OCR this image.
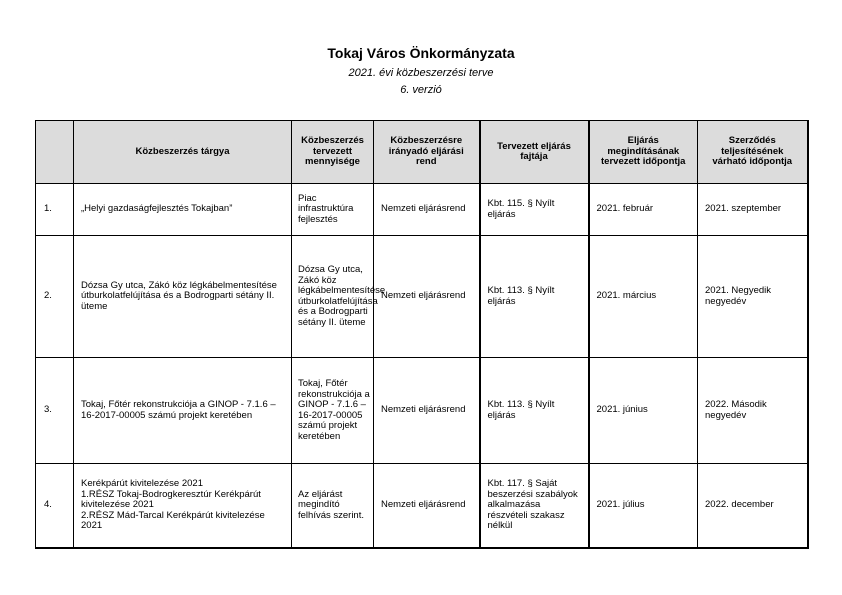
Tokaj Város Önkormányzata
2021. évi közbeszerzési terve
6. verzió
	Közbeszerzés tárgya	Közbeszerzés tervezett mennyisége	Közbeszerzésre irányadó eljárási rend	Tervezett eljárás fajtája	Eljárás megindításának tervezett időpontja	Szerződés teljesítésének várható időpontja
1.	„Helyi gazdaságfejlesztés Tokajban”	Piac infrastruktúra fejlesztés	Nemzeti eljárásrend	Kbt. 115. § Nyílt eljárás	2021. február	2021. szeptember
2.	Dózsa Gy utca, Zákó köz légkábelmentesítése útburkolatfelújítása és a Bodrogparti sétány II. üteme	Dózsa Gy utca, Zákó köz légkábelmentesítése útburkolatfelújítása és a Bodrogparti sétány II. üteme	Nemzeti eljárásrend	Kbt. 113. § Nyílt eljárás	2021. március	2021. Negyedik negyedév
3.	Tokaj, Főtér rekonstrukciója a GINOP - 7.1.6 – 16-2017-00005 számú projekt keretében	Tokaj, Főtér rekonstrukciója a GINOP - 7.1.6 – 16-2017-00005 számú projekt keretében	Nemzeti eljárásrend	Kbt. 113. § Nyílt eljárás	2021. június	2022. Második negyedév
4.	Kerékpárút kivitelezése 2021
1.RÉSZ Tokaj-Bodrogkeresztúr Kerékpárút kivitelezése 2021
2.RÉSZ Mád-Tarcal Kerékpárút kivitelezése 2021	Az eljárást megindító felhívás szerint.	Nemzeti eljárásrend	Kbt. 117. § Saját beszerzési szabályok alkalmazása részvételi szakasz nélkül	2021. július	2022. december
